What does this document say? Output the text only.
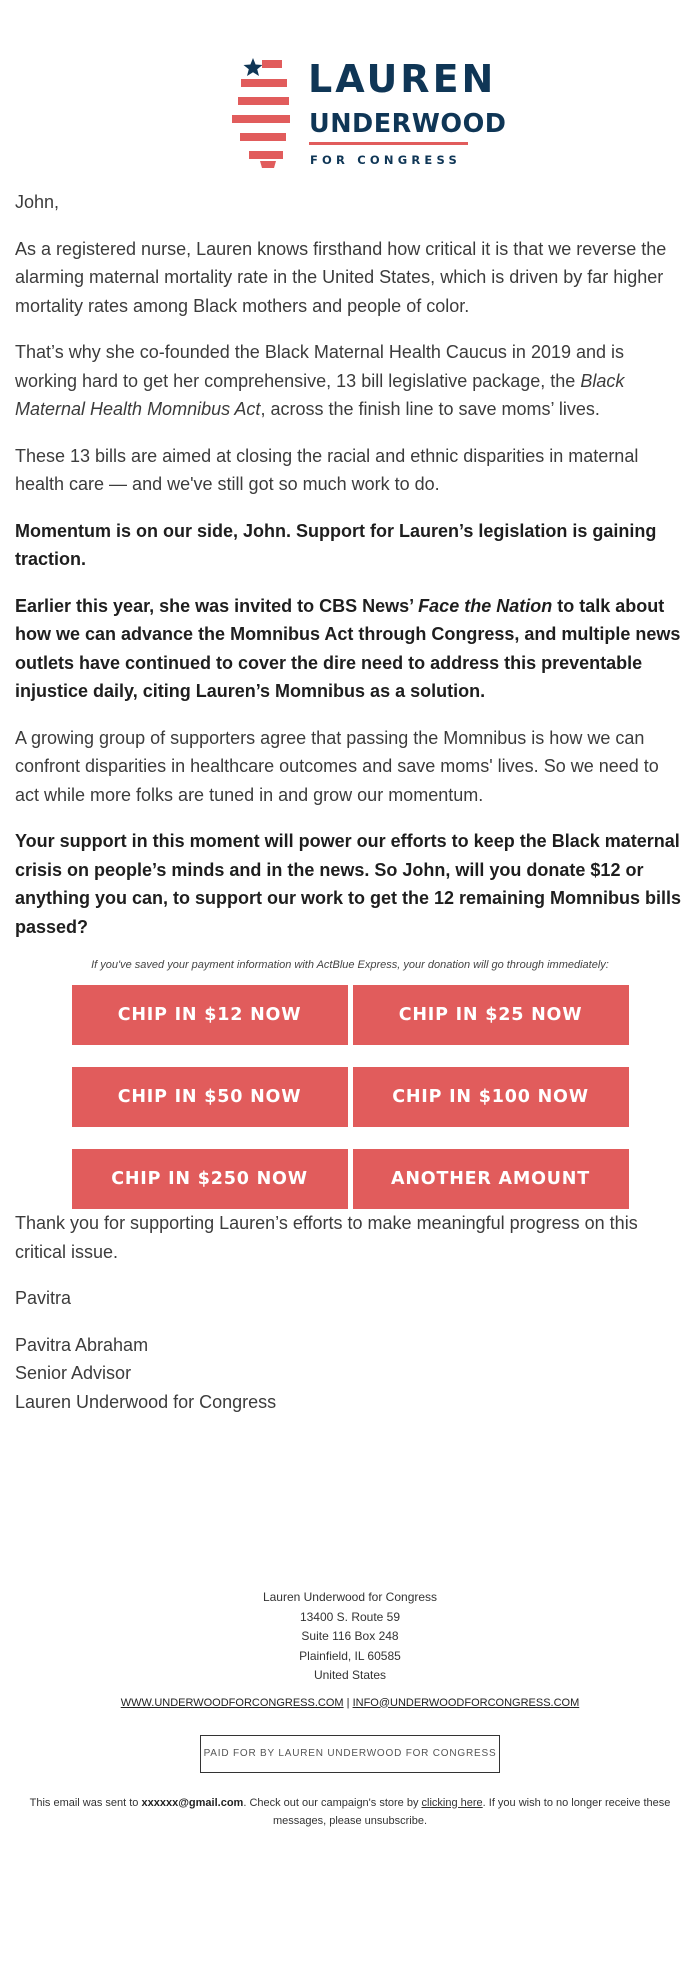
LAUREN
UNDERWOOD
FOR CONGRESS

John,

As a registered nurse, Lauren knows firsthand how critical it is that we reverse the alarming maternal mortality rate in the United States, which is driven by far higher mortality rates among Black mothers and people of color.

That’s why she co-founded the Black Maternal Health Caucus in 2019 and is working hard to get her comprehensive, 13 bill legislative package, the Black Maternal Health Momnibus Act, across the finish line to save moms’ lives.

These 13 bills are aimed at closing the racial and ethnic disparities in maternal health care — and we've still got so much work to do.

Momentum is on our side, John. Support for Lauren’s legislation is gaining traction.

Earlier this year, she was invited to CBS News’ Face the Nation to talk about how we can advance the Momnibus Act through Congress, and multiple news outlets have continued to cover the dire need to address this preventable injustice daily, citing Lauren’s Momnibus as a solution.

A growing group of supporters agree that passing the Momnibus is how we can confront disparities in healthcare outcomes and save moms' lives. So we need to act while more folks are tuned in and grow our momentum.

Your support in this moment will power our efforts to keep the Black maternal crisis on people’s minds and in the news. So John, will you donate $12 or anything you can, to support our work to get the 12 remaining Momnibus bills passed?

If you've saved your payment information with ActBlue Express, your donation will go through immediately:
CHIP IN $12 NOW	CHIP IN $25 NOW
CHIP IN $50 NOW	CHIP IN $100 NOW
CHIP IN $250 NOW	ANOTHER AMOUNT

Thank you for supporting Lauren’s efforts to make meaningful progress on this critical issue.

Pavitra

Pavitra Abraham
Senior Advisor
Lauren Underwood for Congress

Lauren Underwood for Congress
13400 S. Route 59
Suite 116 Box 248
Plainfield, IL 60585
United States
WWW.UNDERWOODFORCONGRESS.COM | INFO@UNDERWOODFORCONGRESS.COM
PAID FOR BY LAUREN UNDERWOOD FOR CONGRESS
This email was sent to xxxxxx@gmail.com. Check out our campaign's store by clicking here. If you wish to no longer receive these messages, please unsubscribe.
